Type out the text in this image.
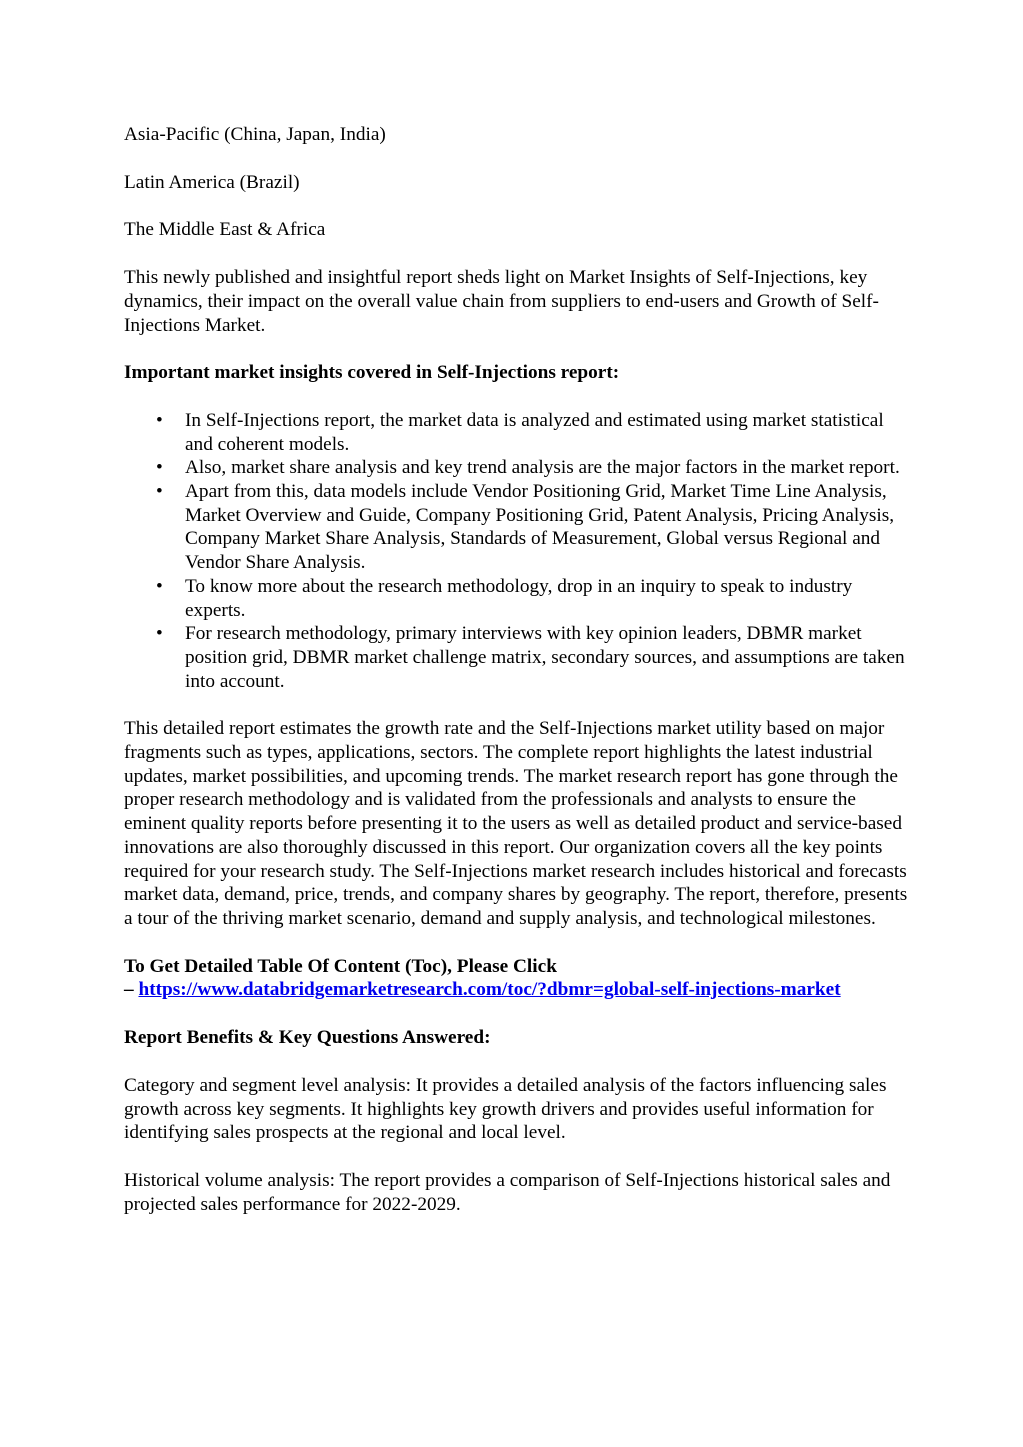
Asia-Pacific (China, Japan, India)

Latin America (Brazil)

The Middle East & Africa

This newly published and insightful report sheds light on Market Insights of Self-Injections, key dynamics, their impact on the overall value chain from suppliers to end-users and Growth of Self-Injections Market.

Important market insights covered in Self-Injections report:

• In Self-Injections report, the market data is analyzed and estimated using market statistical and coherent models.
• Also, market share analysis and key trend analysis are the major factors in the market report.
• Apart from this, data models include Vendor Positioning Grid, Market Time Line Analysis, Market Overview and Guide, Company Positioning Grid, Patent Analysis, Pricing Analysis, Company Market Share Analysis, Standards of Measurement, Global versus Regional and Vendor Share Analysis.
• To know more about the research methodology, drop in an inquiry to speak to industry experts.
• For research methodology, primary interviews with key opinion leaders, DBMR market position grid, DBMR market challenge matrix, secondary sources, and assumptions are taken into account.

This detailed report estimates the growth rate and the Self-Injections market utility based on major fragments such as types, applications, sectors. The complete report highlights the latest industrial updates, market possibilities, and upcoming trends. The market research report has gone through the proper research methodology and is validated from the professionals and analysts to ensure the eminent quality reports before presenting it to the users as well as detailed product and service-based innovations are also thoroughly discussed in this report. Our organization covers all the key points required for your research study. The Self-Injections market research includes historical and forecasts market data, demand, price, trends, and company shares by geography. The report, therefore, presents a tour of the thriving market scenario, demand and supply analysis, and technological milestones.

To Get Detailed Table Of Content (Toc), Please Click
– https://www.databridgemarketresearch.com/toc/?dbmr=global-self-injections-market

Report Benefits & Key Questions Answered:

Category and segment level analysis: It provides a detailed analysis of the factors influencing sales growth across key segments. It highlights key growth drivers and provides useful information for identifying sales prospects at the regional and local level.

Historical volume analysis: The report provides a comparison of Self-Injections historical sales and projected sales performance for 2022-2029.
